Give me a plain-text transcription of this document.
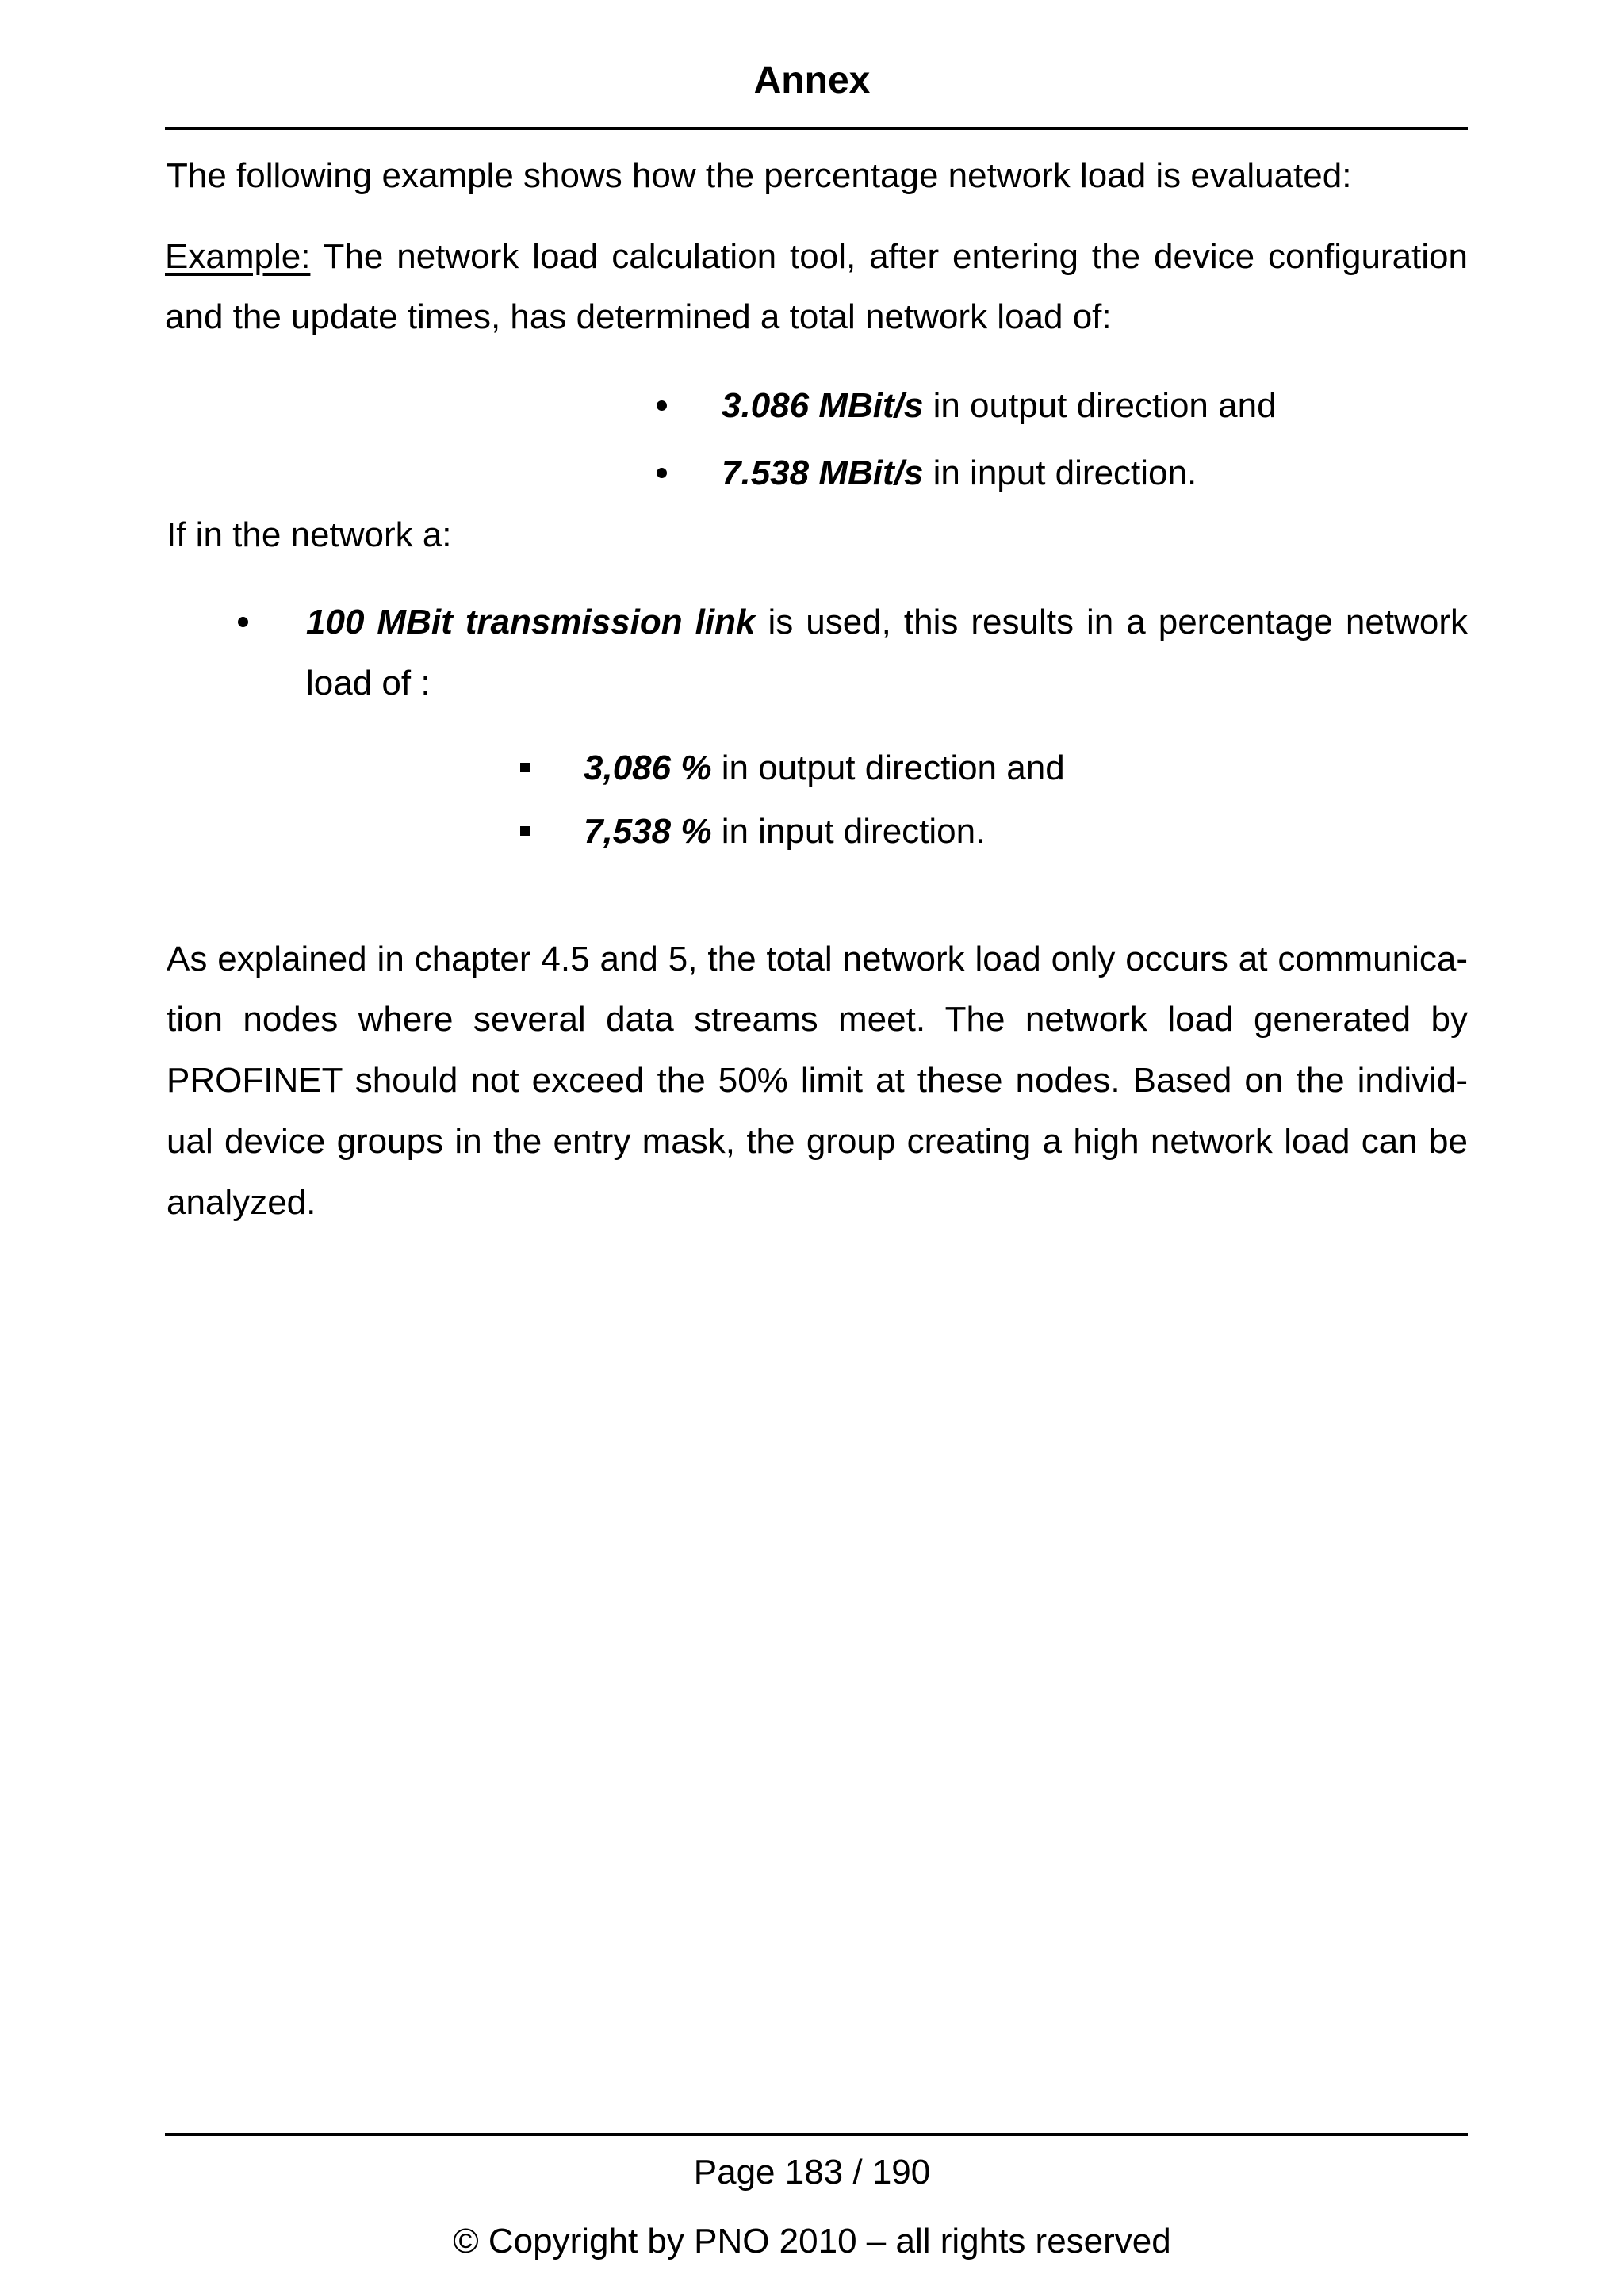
Annex
The following example shows how the percentage network load is evaluated:
Example: The network load calculation tool, after entering the device configuration and the update times, has determined a total network load of:
3.086 MBit/s in output direction and
7.538 MBit/s in input direction.
If in the network a:
100 MBit transmission link is used, this results in a percentage network
load of :
3,086 % in output direction and
7,538 % in input direction.
As explained in chapter 4.5 and 5, the total network load only occurs at communica-
tion nodes where several data streams meet. The network load generated by
PROFINET should not exceed the 50% limit at these nodes. Based on the individ-
ual device groups in the entry mask, the group creating a high network load can be
analyzed.
Page 183 / 190
© Copyright by PNO 2010 – all rights reserved
